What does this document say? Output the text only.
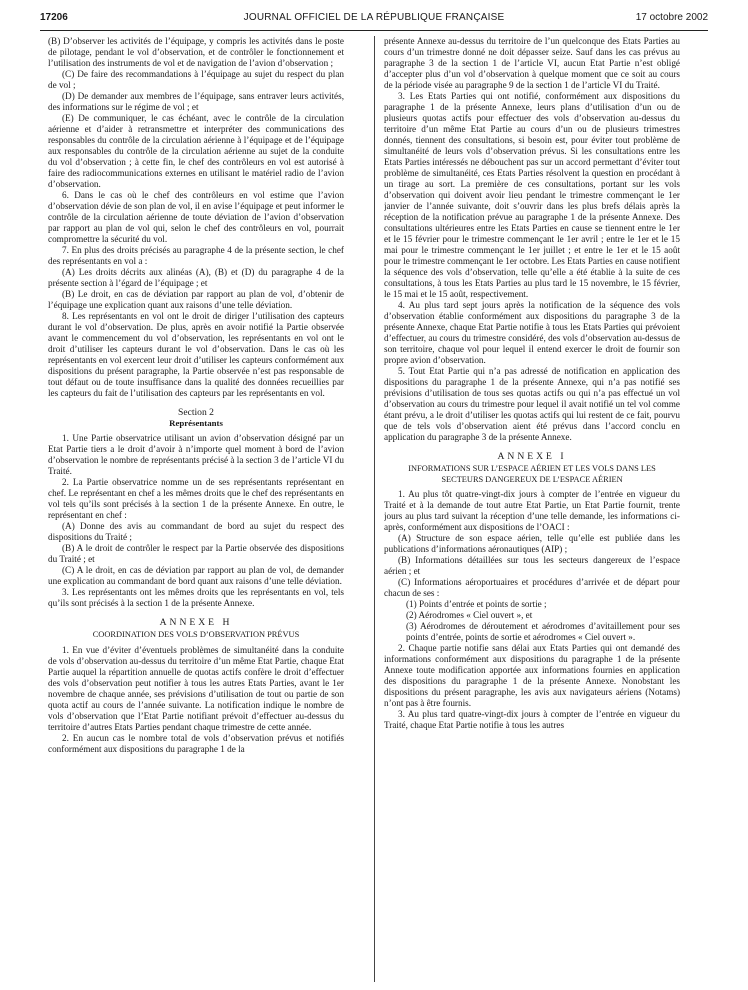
17206	JOURNAL OFFICIEL DE LA RÉPUBLIQUE FRANÇAISE	17 octobre 2002

(B) D’observer les activités de l’équipage, y compris les activités dans le poste de pilotage, pendant le vol d’observation, et de contrôler le fonctionnement et l’utilisation des instruments de vol et de navigation de l’avion d’observation ;

(C) De faire des recommandations à l’équipage au sujet du respect du plan de vol ;

(D) De demander aux membres de l’équipage, sans entraver leurs activités, des informations sur le régime de vol ; et

(E) De communiquer, le cas échéant, avec le contrôle de la circulation aérienne et d’aider à retransmettre et interpréter des communications des responsables du contrôle de la circulation aérienne à l’équipage et de l’équipage aux responsables du contrôle de la circulation aérienne au sujet de la conduite du vol d’observation ; à cette fin, le chef des contrôleurs en vol est autorisé à faire des radiocommunications externes en utilisant le matériel radio de l’avion d’observation.

6. Dans le cas où le chef des contrôleurs en vol estime que l’avion d’observation dévie de son plan de vol, il en avise l’équipage et peut informer le contrôle de la circulation aérienne de toute déviation de l’avion d’observation par rapport au plan de vol qui, selon le chef des contrôleurs en vol, pourrait compromettre la sécurité du vol.

7. En plus des droits précisés au paragraphe 4 de la présente section, le chef des représentants en vol a :

(A) Les droits décrits aux alinéas (A), (B) et (D) du paragraphe 4 de la présente section à l’égard de l’équipage ; et

(B) Le droit, en cas de déviation par rapport au plan de vol, d’obtenir de l’équipage une explication quant aux raisons d’une telle déviation.

8. Les représentants en vol ont le droit de diriger l’utilisation des capteurs durant le vol d’observation. De plus, après en avoir notifié la Partie observée avant le commencement du vol d’observation, les représentants en vol ont le droit d’utiliser les capteurs durant le vol d’observation. Dans le cas où les représentants en vol exercent leur droit d’utiliser les capteurs conformément aux dispositions du présent paragraphe, la Partie observée n’est pas responsable de tout défaut ou de toute insuffisance dans la qualité des données recueillies par les capteurs du fait de l’utilisation des capteurs par les représentants en vol.

Section 2
Représentants

1. Une Partie observatrice utilisant un avion d’observation désigné par un Etat Partie tiers a le droit d’avoir à n’importe quel moment à bord de l’avion d’observation le nombre de représentants précisé à la section 3 de l’article VI du Traité.

2. La Partie observatrice nomme un de ses représentants représentant en chef. Le représentant en chef a les mêmes droits que le chef des représentants en vol tels qu’ils sont précisés à la section 1 de la présente Annexe. En outre, le représentant en chef :

(A) Donne des avis au commandant de bord au sujet du respect des dispositions du Traité ;

(B) A le droit de contrôler le respect par la Partie observée des dispositions du Traité ; et

(C) A le droit, en cas de déviation par rapport au plan de vol, de demander une explication au commandant de bord quant aux raisons d’une telle déviation.

3. Les représentants ont les mêmes droits que les représentants en vol, tels qu’ils sont précisés à la section 1 de la présente Annexe.

ANNEXE H
COORDINATION DES VOLS D’OBSERVATION PRÉVUS

1. En vue d’éviter d’éventuels problèmes de simultanéité dans la conduite de vols d’observation au-dessus du territoire d’un même Etat Partie, chaque Etat Partie auquel la répartition annuelle de quotas actifs confère le droit d’effectuer des vols d’observation peut notifier à tous les autres Etats Parties, avant le 1er novembre de chaque année, ses prévisions d’utilisation de tout ou partie de son quota actif au cours de l’année suivante. La notification indique le nombre de vols d’observation que l’Etat Partie notifiant prévoit d’effectuer au-dessus du territoire d’autres Etats Parties pendant chaque trimestre de cette année.

2. En aucun cas le nombre total de vols d’observation prévus et notifiés conformément aux dispositions du paragraphe 1 de la

présente Annexe au-dessus du territoire de l’un quelconque des Etats Parties au cours d’un trimestre donné ne doit dépasser seize. Sauf dans les cas prévus au paragraphe 3 de la section 1 de l’article VI, aucun Etat Partie n’est obligé d’accepter plus d’un vol d’observation à quelque moment que ce soit au cours de la période visée au paragraphe 9 de la section 1 de l’article VI du Traité.

3. Les Etats Parties qui ont notifié, conformément aux dispositions du paragraphe 1 de la présente Annexe, leurs plans d’utilisation d’un ou de plusieurs quotas actifs pour effectuer des vols d’observation au-dessus du territoire d’un même Etat Partie au cours d’un ou de plusieurs trimestres donnés, tiennent des consultations, si besoin est, pour éviter tout problème de simultanéité de leurs vols d’observation prévus. Si les consultations entre les Etats Parties intéressés ne débouchent pas sur un accord permettant d’éviter tout problème de simultanéité, ces Etats Parties résolvent la question en procédant à un tirage au sort. La première de ces consultations, portant sur les vols d’observation qui doivent avoir lieu pendant le trimestre commençant le 1er janvier de l’année suivante, doit s’ouvrir dans les plus brefs délais après la réception de la notification prévue au paragraphe 1 de la présente Annexe. Des consultations ultérieures entre les Etats Parties en cause se tiennent entre le 1er et le 15 février pour le trimestre commençant le 1er avril ; entre le 1er et le 15 mai pour le trimestre commençant le 1er juillet ; et entre le 1er et le 15 août pour le trimestre commençant le 1er octobre. Les Etats Parties en cause notifient la séquence des vols d’observation, telle qu’elle a été établie à la suite de ces consultations, à tous les Etats Parties au plus tard le 15 novembre, le 15 février, le 15 mai et le 15 août, respectivement.

4. Au plus tard sept jours après la notification de la séquence des vols d’observation établie conformément aux dispositions du paragraphe 3 de la présente Annexe, chaque Etat Partie notifie à tous les Etats Parties qui prévoient d’effectuer, au cours du trimestre considéré, des vols d’observation au-dessus de son territoire, chaque vol pour lequel il entend exercer le droit de fournir son propre avion d’observation.

5. Tout Etat Partie qui n’a pas adressé de notification en application des dispositions du paragraphe 1 de la présente Annexe, qui n’a pas notifié ses prévisions d’utilisation de tous ses quotas actifs ou qui n’a pas effectué un vol d’observation au cours du trimestre pour lequel il avait notifié un tel vol comme étant prévu, a le droit d’utiliser les quotas actifs qui lui restent de ce fait, pourvu que de tels vols d’observation aient été prévus dans l’accord conclu en application du paragraphe 3 de la présente Annexe.

ANNEXE I
INFORMATIONS SUR L’ESPACE AÉRIEN ET LES VOLS DANS LES SECTEURS DANGEREUX DE L’ESPACE AÉRIEN

1. Au plus tôt quatre-vingt-dix jours à compter de l’entrée en vigueur du Traité et à la demande de tout autre Etat Partie, un Etat Partie fournit, trente jours au plus tard suivant la réception d’une telle demande, les informations ci-après, conformément aux dispositions de l’OACI :

(A) Structure de son espace aérien, telle qu’elle est publiée dans les publications d’informations aéronautiques (AIP) ;

(B) Informations détaillées sur tous les secteurs dangereux de l’espace aérien ; et

(C) Informations aéroportuaires et procédures d’arrivée et de départ pour chacun de ses :

(1) Points d’entrée et points de sortie ;

(2) Aérodromes « Ciel ouvert », et

(3) Aérodromes de déroutement et aérodromes d’avitaillement pour ses points d’entrée, points de sortie et aérodromes « Ciel ouvert ».

2. Chaque partie notifie sans délai aux Etats Parties qui ont demandé des informations conformément aux dispositions du paragraphe 1 de la présente Annexe toute modification apportée aux informations fournies en application des dispositions du paragraphe 1 de la présente Annexe. Nonobstant les dispositions du présent paragraphe, les avis aux navigateurs aériens (Notams) n’ont pas à être fournis.

3. Au plus tard quatre-vingt-dix jours à compter de l’entrée en vigueur du Traité, chaque Etat Partie notifie à tous les autres
